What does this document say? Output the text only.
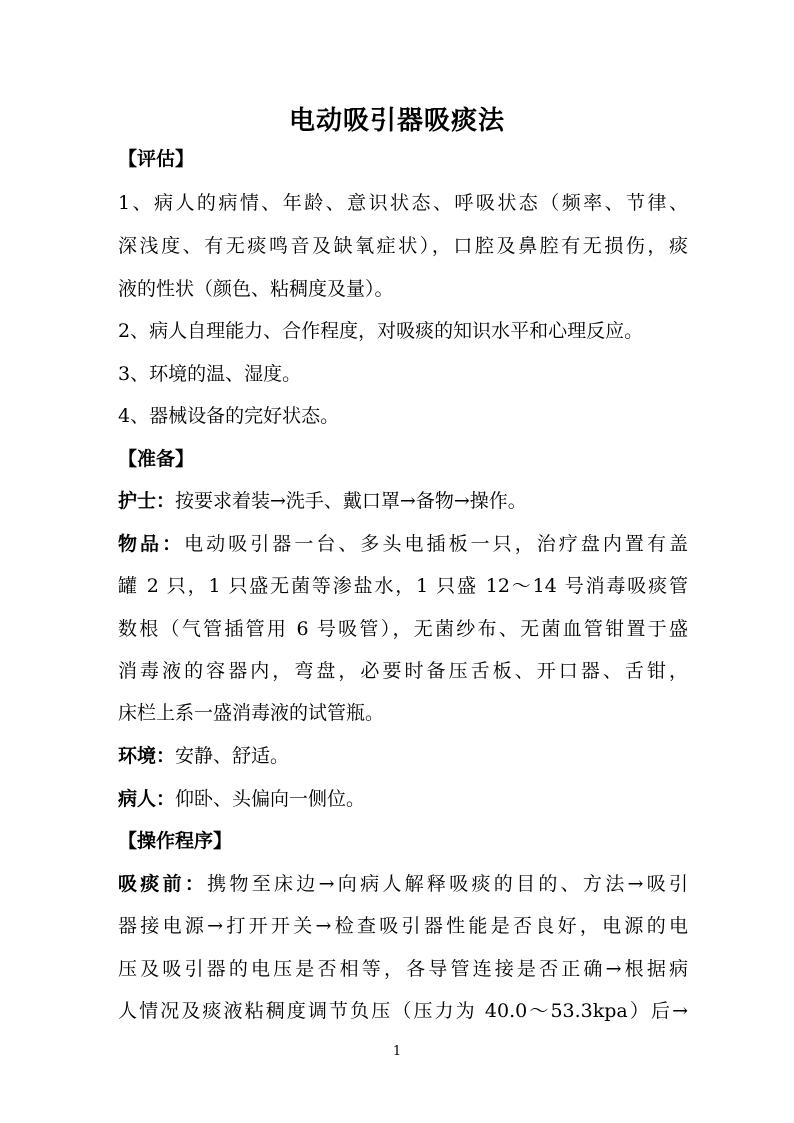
电动吸引器吸痰法

【评估】

1、病人的病情、年龄、意识状态、呼吸状态（频率、节律、

深浅度、有无痰鸣音及缺氧症状），口腔及鼻腔有无损伤，痰

液的性状（颜色、粘稠度及量）。

2、病人自理能力、合作程度，对吸痰的知识水平和心理反应。

3、环境的温、湿度。

4、器械设备的完好状态。

【准备】

护士：按要求着装→洗手、戴口罩→备物→操作。

物品：电动吸引器一台、多头电插板一只，治疗盘内置有盖

罐 2 只，1 只盛无菌等渗盐水，1 只盛 12～14 号消毒吸痰管

数根（气管插管用 6 号吸管），无菌纱布、无菌血管钳置于盛

消毒液的容器内，弯盘，必要时备压舌板、开口器、舌钳，

床栏上系一盛消毒液的试管瓶。

环境：安静、舒适。

病人：仰卧、头偏向一侧位。

【操作程序】

吸痰前：携物至床边→向病人解释吸痰的目的、方法→吸引

器接电源→打开开关→检查吸引器性能是否良好，电源的电

压及吸引器的电压是否相等，各导管连接是否正确→根据病

人情况及痰液粘稠度调节负压（压力为 40.0～53.3kpa）后→

1
